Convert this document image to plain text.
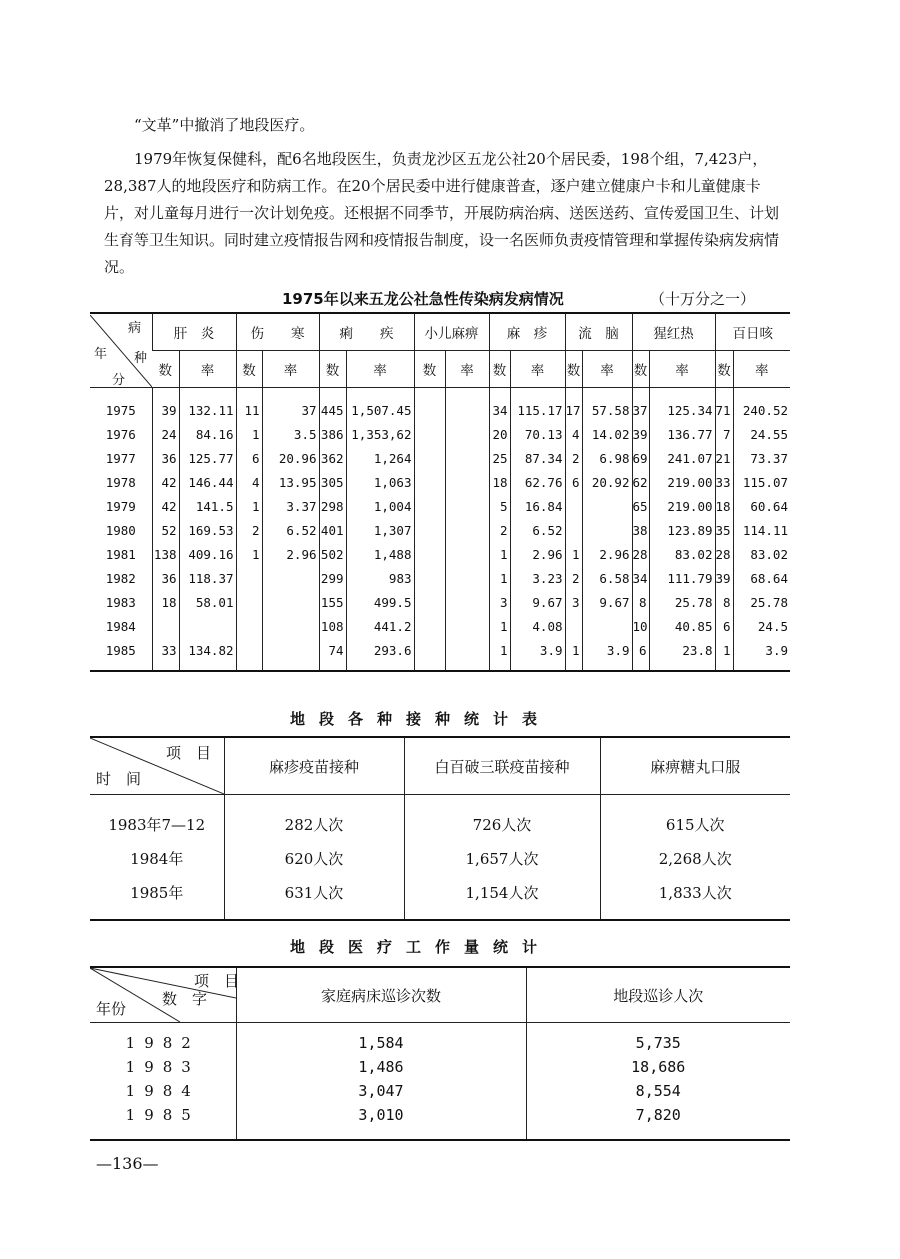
“文革”中撤消了地段医疗。

1979年恢复保健科，配6名地段医生，负责龙沙区五龙公社20个居民委，198个组，7,423户，28,387人的地段医疗和防病工作。在20个居民委中进行健康普查，逐户建立健康户卡和儿童健康卡片，对儿童每月进行一次计划免疫。还根据不同季节，开展防病治病、送医送药、宣传爱国卫生、计划生育等卫生知识。同时建立疫情报告网和疫情报告制度，设一名医师负责疫情管理和掌握传染病发病情况。

1975年以来五龙公社急性传染病发病情况	（十万分之一）

病
年 种
分	肝　炎		伤　　寒		痢　　疾		小儿麻痹		麻　疹		流　脑		猩红热		百日咳	
	数	率	数	率	数	率	数	率	数	率	数	率	数	率	数	率
1975	39	132.11	11	37	445	1,507.45			34	115.17	17	57.58	37	125.34	71	240.52
1976	24	84.16	1	3.5	386	1,353,62			20	70.13	4	14.02	39	136.77	7	24.55
1977	36	125.77	6	20.96	362	1,264			25	87.34	2	6.98	69	241.07	21	73.37
1978	42	146.44	4	13.95	305	1,063			18	62.76	6	20.92	62	219.00	33	115.07
1979	42	141.5	1	3.37	298	1,004			5	16.84			65	219.00	18	60.64
1980	52	169.53	2	6.52	401	1,307			2	6.52			38	123.89	35	114.11
1981	138	409.16	1	2.96	502	1,488			1	2.96	1	2.96	28	83.02	28	83.02
1982	36	118.37			299	983			1	3.23	2	6.58	34	111.79	39	68.64
1983	18	58.01			155	499.5			3	9.67	3	9.67	8	25.78	8	25.78
1984					108	441.2			1	4.08			10	40.85	6	24.5
1985	33	134.82			74	293.6			1	3.9	1	3.9	6	23.8	1	3.9

地段各种接种统计表

项　目
时　间	麻疹疫苗接种	白百破三联疫苗接种	麻痹糖丸口服
1983年7—12	282人次	726人次	615人次
1984年	620人次	1,657人次	2,268人次
1985年	631人次	1,154人次	1,833人次

地段医疗工作量统计

项　目
数　字
年份	家庭病床巡诊次数	地段巡诊人次
1982	1,584	5,735
1983	1,486	18,686
1984	3,047	8,554
1985	3,010	7,820

—136—
